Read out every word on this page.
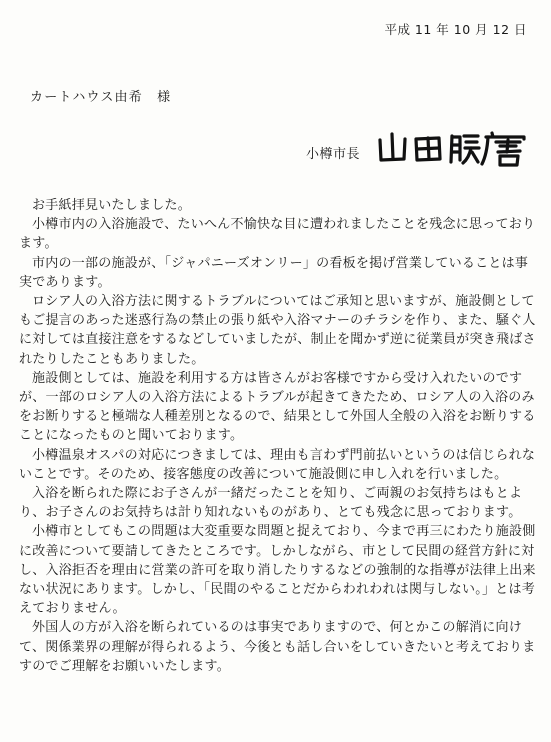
平成 11 年 10 月 12 日
カートハウス由希　様
小樽市長

お手紙拝見いたしました。

小樽市内の入浴施設で、たいへん不愉快な目に遭われましたことを残念に思っております。

市内の一部の施設が、「ジャパニーズオンリー」の看板を掲げ営業していることは事実であります。

ロシア人の入浴方法に関するトラブルについてはご承知と思いますが、施設側としてもご提言のあった迷惑行為の禁止の張り紙や入浴マナーのチラシを作り、また、騒ぐ人に対しては直接注意をするなどしていましたが、制止を聞かず逆に従業員が突き飛ばされたりしたこともありました。

施設側としては、施設を利用する方は皆さんがお客様ですから受け入れたいのですが、一部のロシア人の入浴方法によるトラブルが起きてきたため、ロシア人の入浴のみをお断りすると極端な人種差別となるので、結果として外国人全般の入浴をお断りすることになったものと聞いております。

小樽温泉オスパの対応につきましては、理由も言わず門前払いというのは信じられないことです。そのため、接客態度の改善について施設側に申し入れを行いました。

入浴を断られた際にお子さんが一緒だったことを知り、ご両親のお気持ちはもとより、お子さんのお気持ちは計り知れないものがあり、とても残念に思っております。

小樽市としてもこの問題は大変重要な問題と捉えており、今まで再三にわたり施設側に改善について要請してきたところです。しかしながら、市として民間の経営方針に対し、入浴拒否を理由に営業の許可を取り消したりするなどの強制的な指導が法律上出来ない状況にあります。しかし、「民間のやることだからわれわれは関与しない。」とは考えておりません。

外国人の方が入浴を断られているのは事実でありますので、何とかこの解消に向けて、関係業界の理解が得られるよう、今後とも話し合いをしていきたいと考えておりますのでご理解をお願いいたします。
